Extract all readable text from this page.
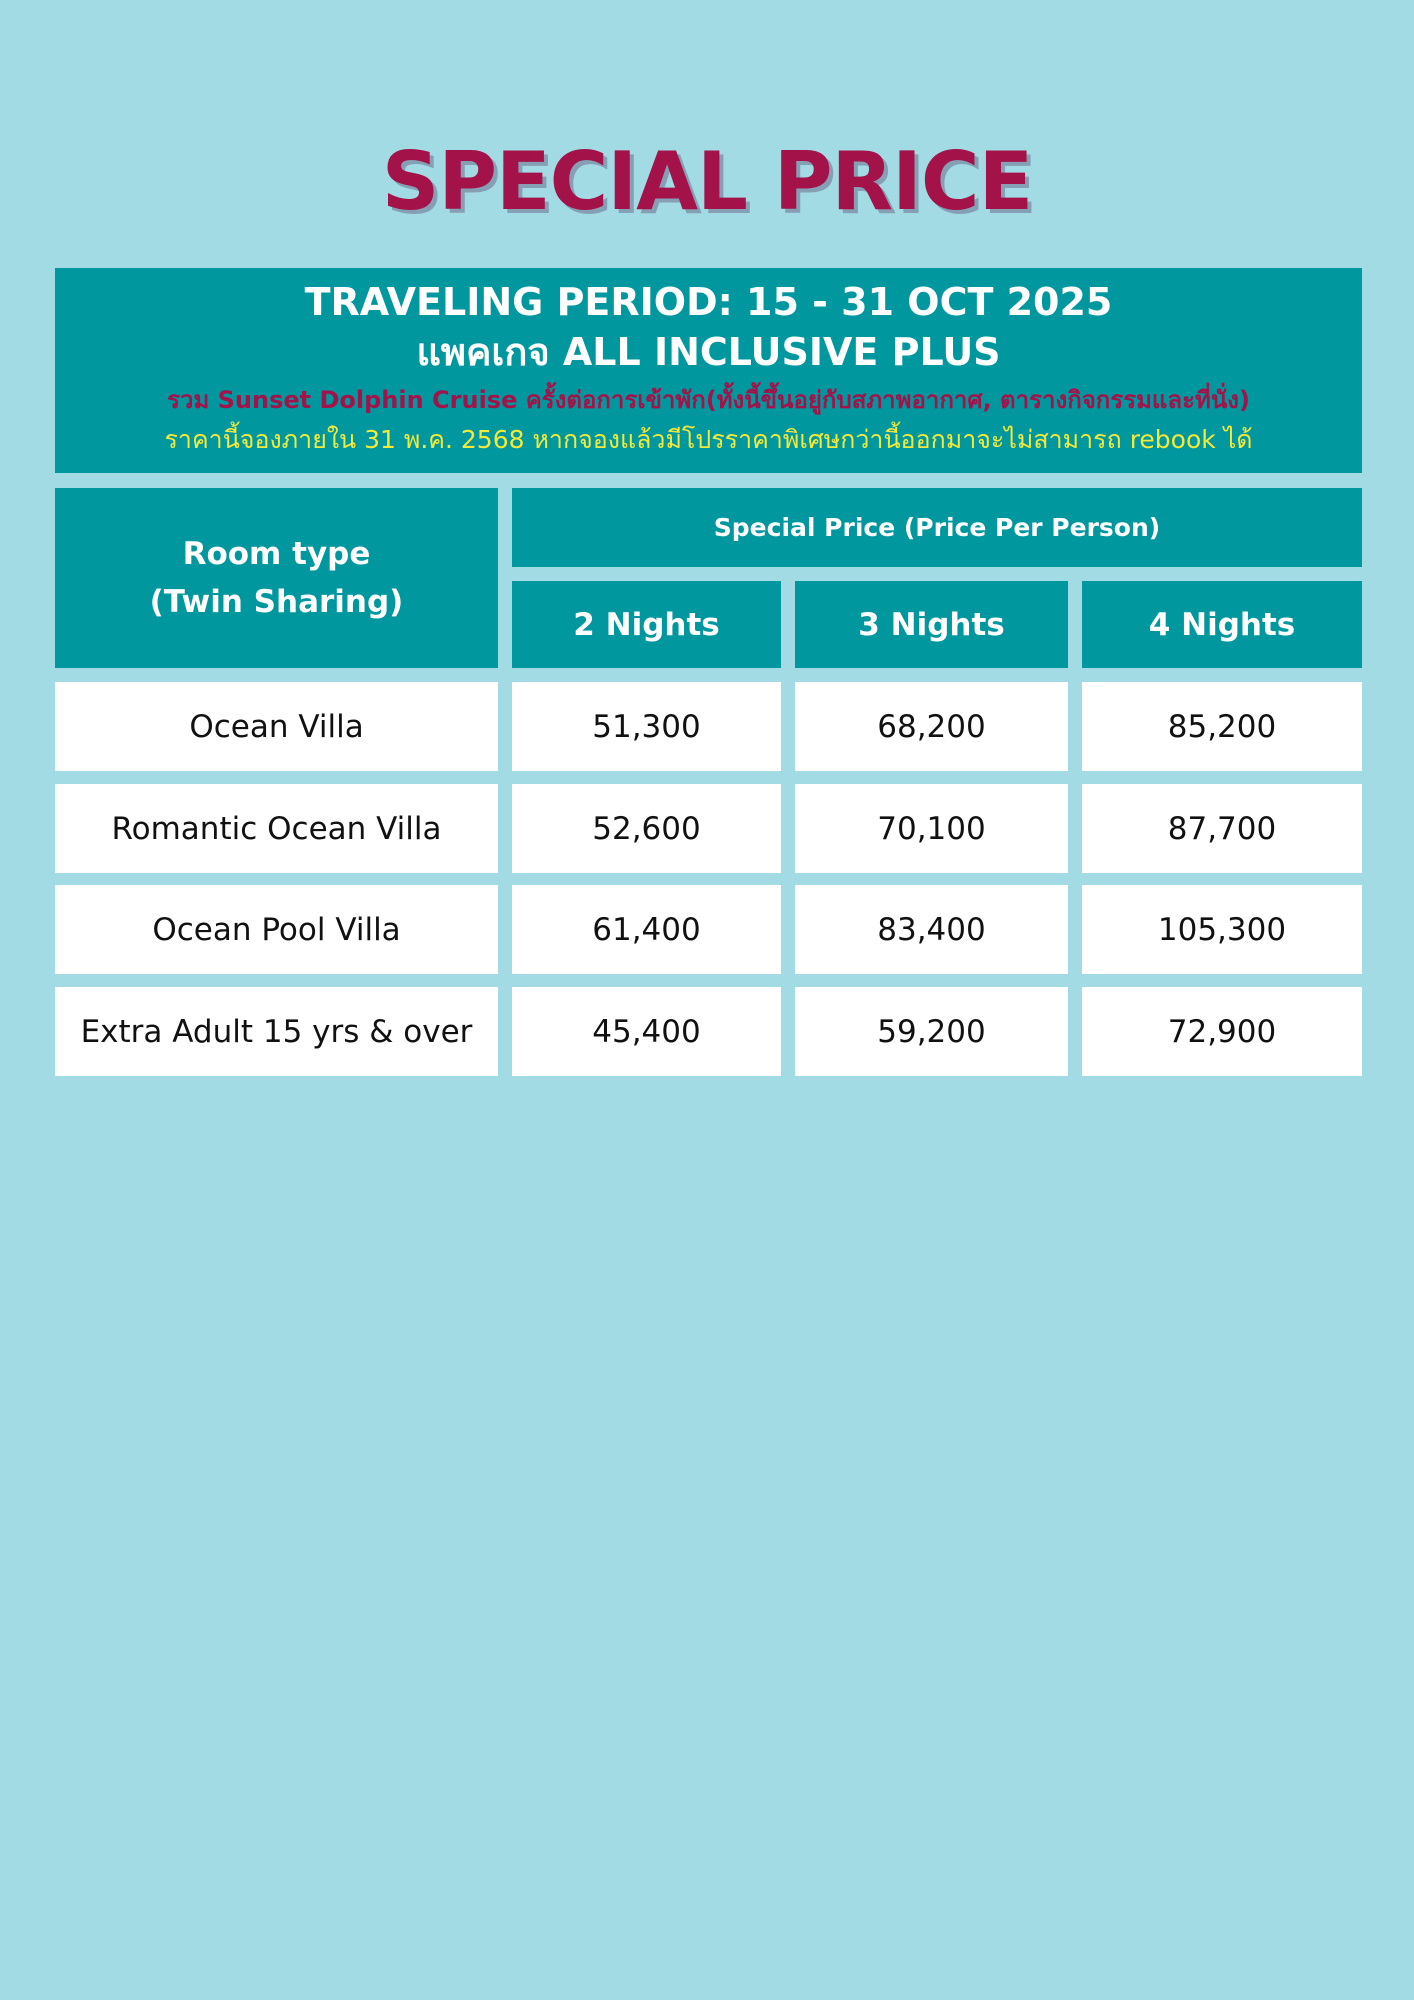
SPECIAL PRICE
TRAVELING PERIOD: 15 - 31 OCT 2025
แพคเกจ ALL INCLUSIVE PLUS
รวม Sunset Dolphin Cruise ครั้งต่อการเข้าพัก(ทั้งนี้ขึ้นอยู่กับสภาพอากาศ, ตารางกิจกรรมและที่นั่ง)
ราคานี้จองภายใน 31 พ.ค. 2568 หากจองแล้วมีโปรราคาพิเศษกว่านี้ออกมาจะไม่สามารถ rebook ได้
Room type
(Twin Sharing)
Special Price (Price Per Person)
2 Nights	3 Nights	4 Nights
Ocean Villa	51,300	68,200	85,200
Romantic Ocean Villa	52,600	70,100	87,700
Ocean Pool Villa	61,400	83,400	105,300
Extra Adult 15 yrs & over	45,400	59,200	72,900
